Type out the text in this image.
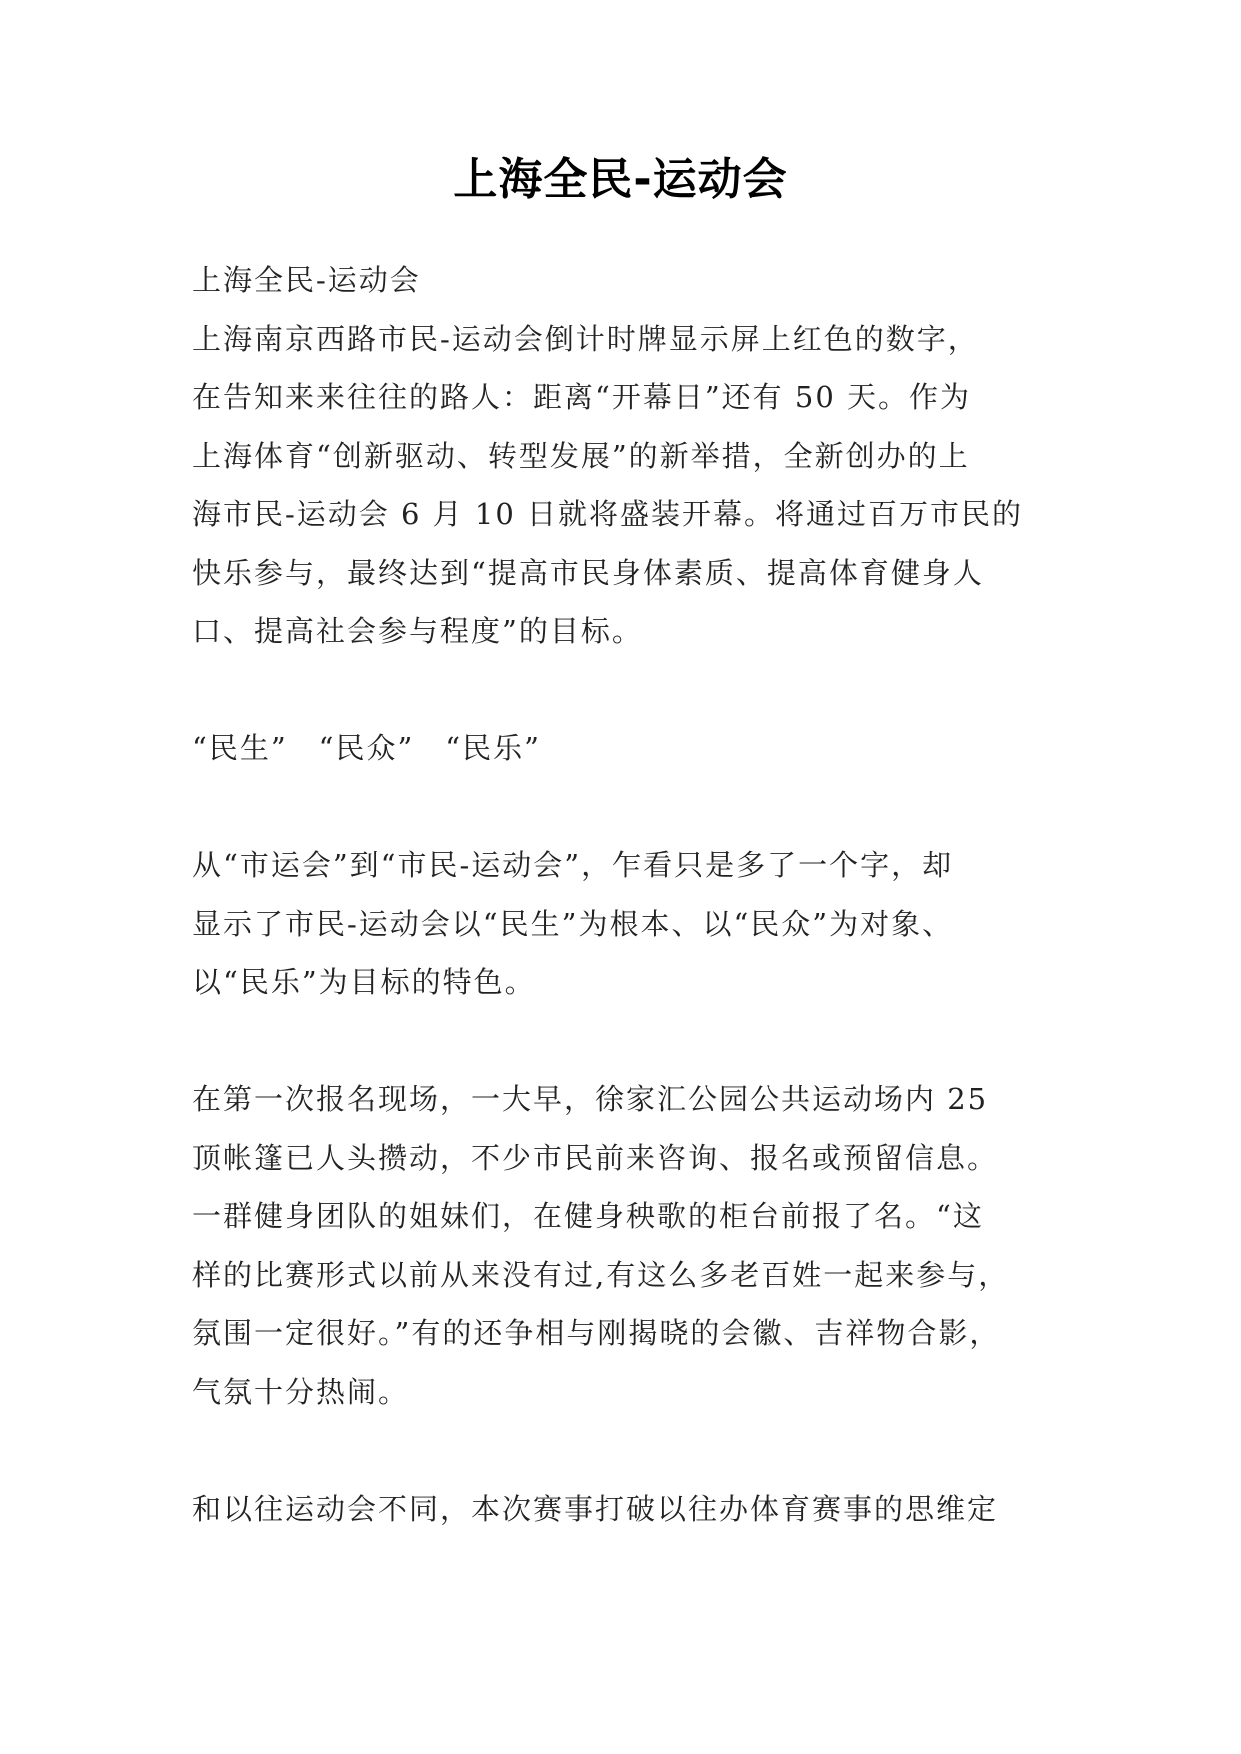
上海全民-运动会
上海全民-运动会
上海南京西路市民-运动会倒计时牌显示屏上红色的数字，
在告知来来往往的路人：距离“开幕日”还有 50 天。作为
上海体育“创新驱动、转型发展”的新举措，全新创办的上
海市民-运动会 6 月 10 日就将盛装开幕。将通过百万市民的
快乐参与，最终达到“提高市民身体素质、提高体育健身人
口、提高社会参与程度”的目标。
“民生”　“民众”　“民乐”
从“市运会”到“市民-运动会”，乍看只是多了一个字，却
显示了市民-运动会以“民生”为根本、以“民众”为对象、
以“民乐”为目标的特色。
在第一次报名现场，一大早，徐家汇公园公共运动场内 25
顶帐篷已人头攒动，不少市民前来咨询、报名或预留信息。
一群健身团队的姐妹们，在健身秧歌的柜台前报了名。“这
样的比赛形式以前从来没有过,有这么多老百姓一起来参与，
氛围一定很好。”有的还争相与刚揭晓的会徽、吉祥物合影，
气氛十分热闹。
和以往运动会不同，本次赛事打破以往办体育赛事的思维定
